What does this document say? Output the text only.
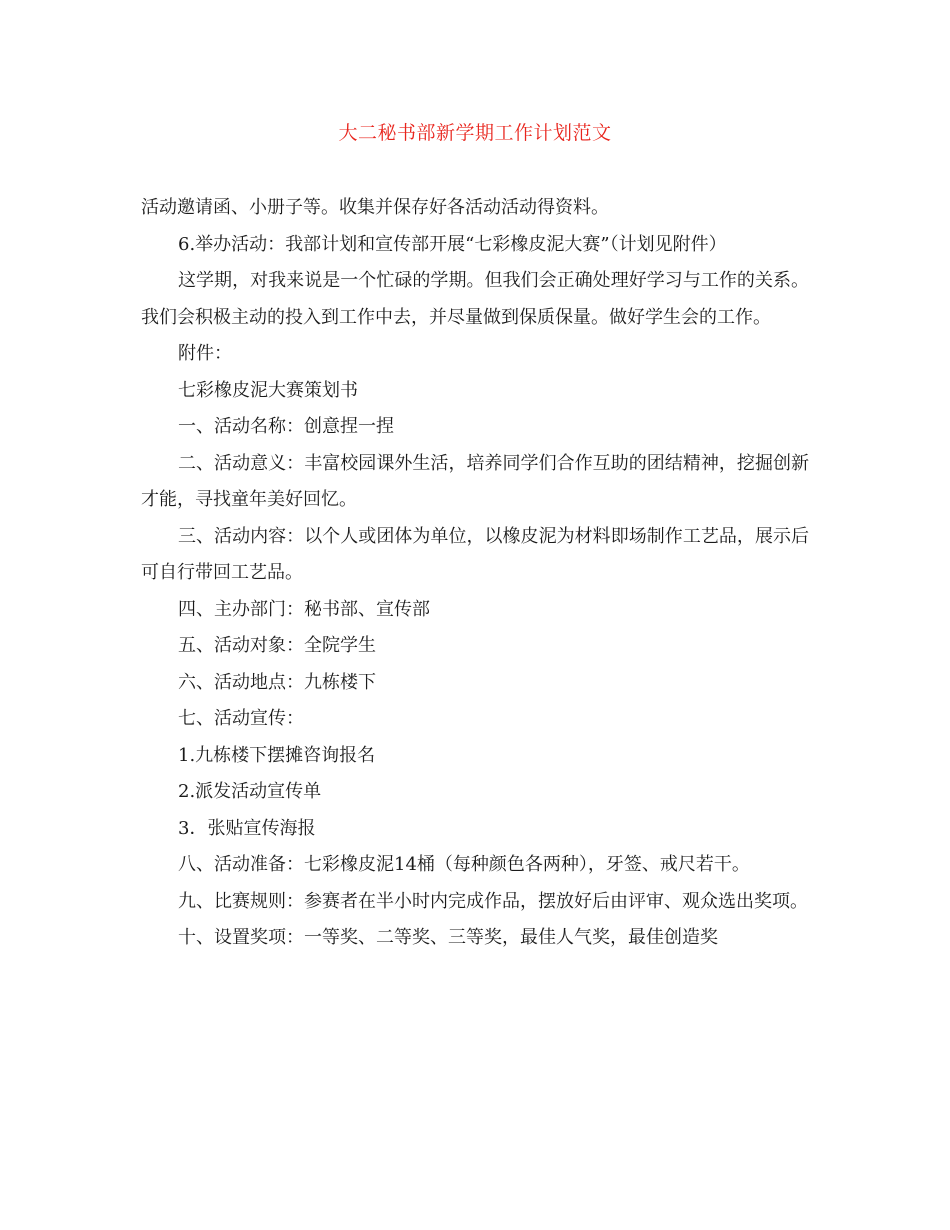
大二秘书部新学期工作计划范文

活动邀请函、小册子等。收集并保存好各活动活动得资料。

6.举办活动：我部计划和宣传部开展“七彩橡皮泥大赛”（计划见附件）

这学期，对我来说是一个忙碌的学期。但我们会正确处理好学习与工作的关系。我们会积极主动的投入到工作中去，并尽量做到保质保量。做好学生会的工作。

附件：

七彩橡皮泥大赛策划书

一、活动名称：创意捏一捏

二、活动意义：丰富校园课外生活，培养同学们合作互助的团结精神，挖掘创新才能，寻找童年美好回忆。

三、活动内容：以个人或团体为单位，以橡皮泥为材料即场制作工艺品，展示后可自行带回工艺品。

四、主办部门：秘书部、宣传部

五、活动对象：全院学生

六、活动地点：九栋楼下

七、活动宣传：

1.九栋楼下摆摊咨询报名

2.派发活动宣传单

3．张贴宣传海报

八、活动准备：七彩橡皮泥14桶（每种颜色各两种），牙签、戒尺若干。

九、比赛规则：参赛者在半小时内完成作品，摆放好后由评审、观众选出奖项。

十、设置奖项：一等奖、二等奖、三等奖，最佳人气奖，最佳创造奖
